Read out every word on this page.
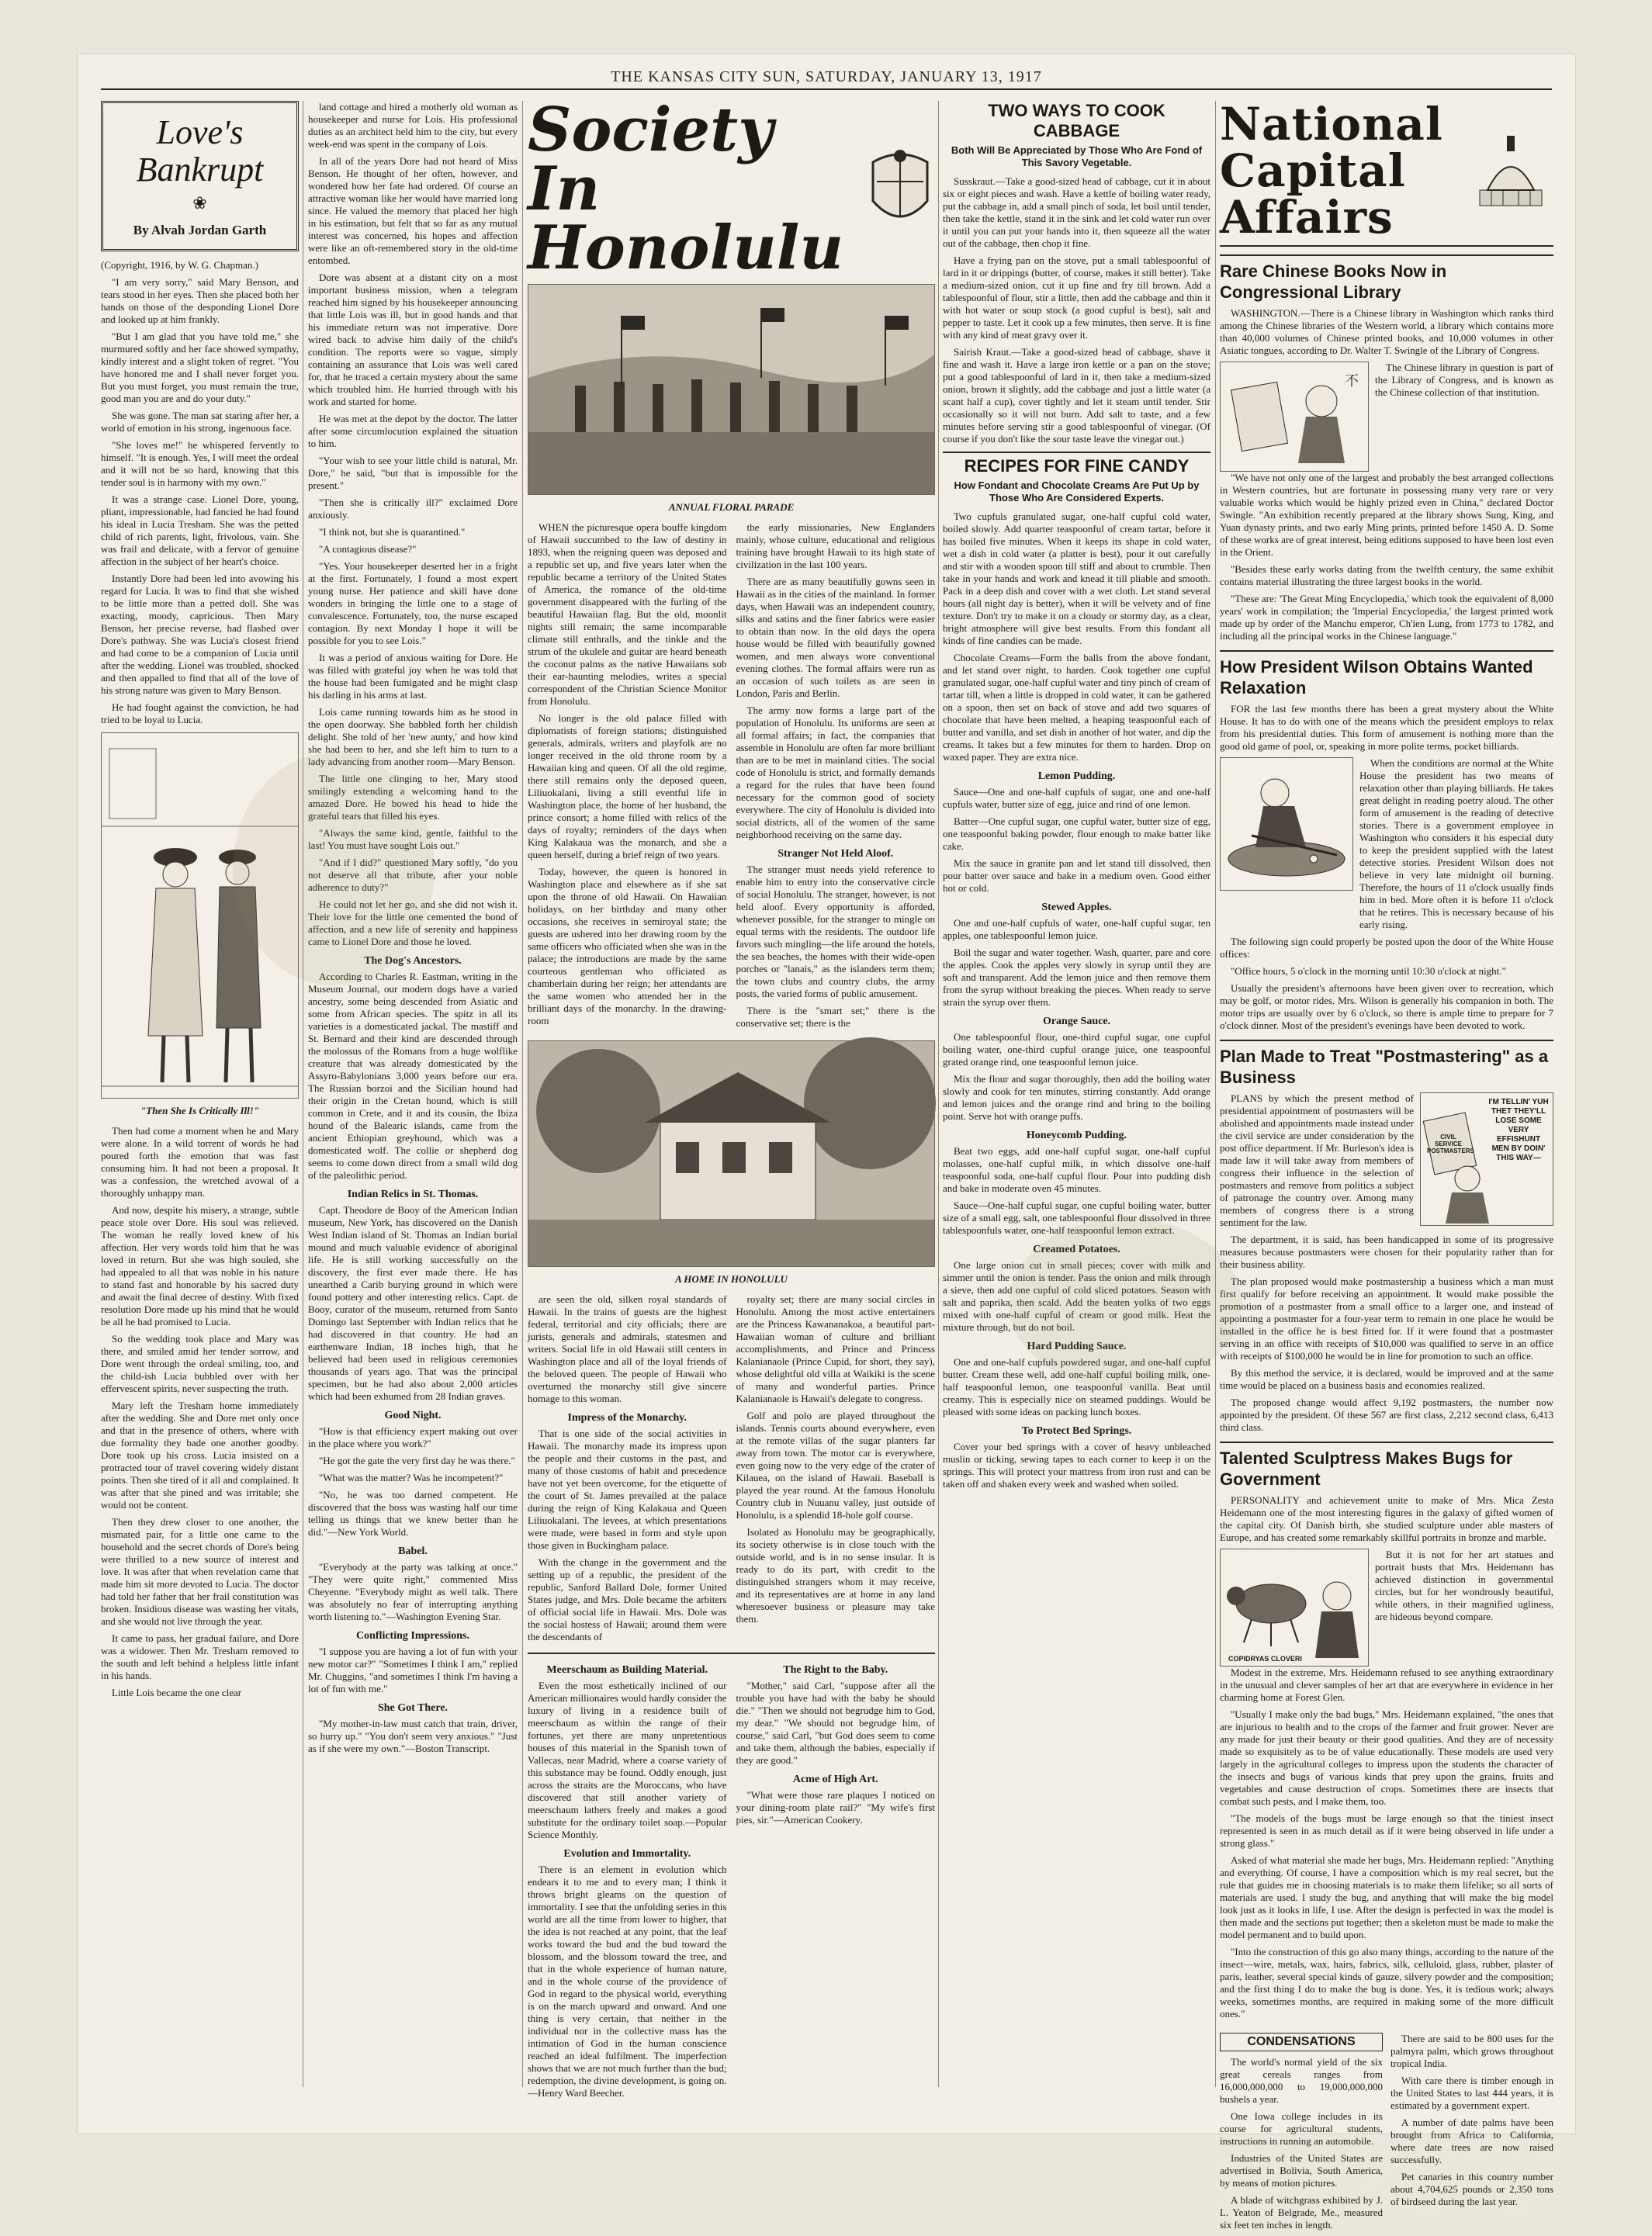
THE KANSAS CITY SUN, SATURDAY, JANUARY 13, 1917
Love's
Bankrupt
❀
By Alvah Jordan Garth

(Copyright, 1916, by W. G. Chapman.)

"I am very sorry," said Mary Benson, and tears stood in her eyes. Then she placed both her hands on those of the desponding Lionel Dore and looked up at him frankly.

"But I am glad that you have told me," she murmured softly and her face showed sympathy, kindly interest and a slight token of regret. "You have honored me and I shall never forget you. But you must forget, you must remain the true, good man you are and do your duty."

She was gone. The man sat staring after her, a world of emotion in his strong, ingenuous face.

"She loves me!" he whispered fervently to himself. "It is enough. Yes, I will meet the ordeal and it will not be so hard, knowing that this tender soul is in harmony with my own."

It was a strange case. Lionel Dore, young, pliant, impressionable, had fancied he had found his ideal in Lucia Tresham. She was the petted child of rich parents, light, frivolous, vain. She was frail and delicate, with a fervor of genuine affection in the subject of her heart's choice.

Instantly Dore had been led into avowing his regard for Lucia. It was to find that she wished to be little more than a petted doll. She was exacting, moody, capricious. Then Mary Benson, her precise reverse, had flashed over Dore's pathway. She was Lucia's closest friend and had come to be a companion of Lucia until after the wedding. Lionel was troubled, shocked and then appalled to find that all of the love of his strong nature was given to Mary Benson.

He had fought against the conviction, he had tried to be loyal to Lucia.

"Then She Is Critically Ill!"

Then had come a moment when he and Mary were alone. In a wild torrent of words he had poured forth the emotion that was fast consuming him. It had not been a proposal. It was a confession, the wretched avowal of a thoroughly unhappy man.

And now, despite his misery, a strange, subtle peace stole over Dore. His soul was relieved. The woman he really loved knew of his affection. Her very words told him that he was loved in return. But she was high souled, she had appealed to all that was noble in his nature to stand fast and honorable by his sacred duty and await the final decree of destiny. With fixed resolution Dore made up his mind that he would be all he had promised to Lucia.

So the wedding took place and Mary was there, and smiled amid her tender sorrow, and Dore went through the ordeal smiling, too, and the child-ish Lucia bubbled over with her effervescent spirits, never suspecting the truth.

Mary left the Tresham home immediately after the wedding. She and Dore met only once and that in the presence of others, where with due formality they bade one another goodby. Dore took up his cross. Lucia insisted on a protracted tour of travel covering widely distant points. Then she tired of it all and complained. It was after that she pined and was irritable; she would not be content.

Then they drew closer to one another, the mismated pair, for a little one came to the household and the secret chords of Dore's being were thrilled to a new source of interest and love. It was after that when revelation came that made him sit more devoted to Lucia. The doctor had told her father that her frail constitution was broken. Insidious disease was wasting her vitals, and she would not live through the year.

It came to pass, her gradual failure, and Dore was a widower. Then Mr. Tresham removed to the south and left behind a helpless little infant in his hands.

Little Lois became the one clear

land cottage and hired a motherly old woman as housekeeper and nurse for Lois. His professional duties as an architect held him to the city, but every week-end was spent in the company of Lois.

In all of the years Dore had not heard of Miss Benson. He thought of her often, however, and wondered how her fate had ordered. Of course an attractive woman like her would have married long since. He valued the memory that placed her high in his estimation, but felt that so far as any mutual interest was concerned, his hopes and affection were like an oft-remembered story in the old-time entombed.

Dore was absent at a distant city on a most important business mission, when a telegram reached him signed by his housekeeper announcing that little Lois was ill, but in good hands and that his immediate return was not imperative. Dore wired back to advise him daily of the child's condition. The reports were so vague, simply containing an assurance that Lois was well cared for, that he traced a certain mystery about the same which troubled him. He hurried through with his work and started for home.

He was met at the depot by the doctor. The latter after some circumlocution explained the situation to him.

"Your wish to see your little child is natural, Mr. Dore," he said, "but that is impossible for the present."

"Then she is critically ill?" exclaimed Dore anxiously.

"I think not, but she is quarantined."

"A contagious disease?"

"Yes. Your housekeeper deserted her in a fright at the first. Fortunately, I found a most expert young nurse. Her patience and skill have done wonders in bringing the little one to a stage of convalescence. Fortunately, too, the nurse escaped contagion. By next Monday I hope it will be possible for you to see Lois."

It was a period of anxious waiting for Dore. He was filled with grateful joy when he was told that the house had been fumigated and he might clasp his darling in his arms at last.

Lois came running towards him as he stood in the open doorway. She babbled forth her childish delight. She told of her 'new aunty,' and how kind she had been to her, and she left him to turn to a lady advancing from another room—Mary Benson.

The little one clinging to her, Mary stood smilingly extending a welcoming hand to the amazed Dore. He bowed his head to hide the grateful tears that filled his eyes.

"Always the same kind, gentle, faithful to the last! You must have sought Lois out."

"And if I did?" questioned Mary softly, "do you not deserve all that tribute, after your noble adherence to duty?"

He could not let her go, and she did not wish it. Their love for the little one cemented the bond of affection, and a new life of serenity and happiness came to Lionel Dore and those he loved.

The Dog's Ancestors.

According to Charles R. Eastman, writing in the Museum Journal, our modern dogs have a varied ancestry, some being descended from Asiatic and some from African species. The spitz in all its varieties is a domesticated jackal. The mastiff and St. Bernard and their kind are descended through the molossus of the Romans from a huge wolflike creature that was already domesticated by the Assyro-Babylonians 3,000 years before our era. The Russian borzoi and the Sicilian hound had their origin in the Cretan hound, which is still common in Crete, and it and its cousin, the Ibiza hound of the Balearic islands, came from the ancient Ethiopian greyhound, which was a domesticated wolf. The collie or shepherd dog seems to come down direct from a small wild dog of the paleolithic period.

Indian Relics in St. Thomas.

Capt. Theodore de Booy of the American Indian museum, New York, has discovered on the Danish West Indian island of St. Thomas an Indian burial mound and much valuable evidence of aboriginal life. He is still working successfully on the discovery, the first ever made there. He has unearthed a Carib burying ground in which were found pottery and other interesting relics. Capt. de Booy, curator of the museum, returned from Santo Domingo last September with Indian relics that he had discovered in that country. He had an earthenware Indian, 18 inches high, that he believed had been used in religious ceremonies thousands of years ago. That was the principal specimen, but he had also about 2,000 articles which had been exhumed from 28 Indian graves.

Good Night.

"How is that efficiency expert making out over in the place where you work?"

"He got the gate the very first day he was there."

"What was the matter? Was he incompetent?"

"No, he was too darned competent. He discovered that the boss was wasting half our time telling us things that we knew better than he did."—New York World.

Babel.

"Everybody at the party was talking at once." "They were quite right," commented Miss Cheyenne. "Everybody might as well talk. There was absolutely no fear of interrupting anything worth listening to."—Washington Evening Star.

Conflicting Impressions.

"I suppose you are having a lot of fun with your new motor car?" "Sometimes I think I am," replied Mr. Chuggins, "and sometimes I think I'm having a lot of fun with me."

She Got There.

"My mother-in-law must catch that train, driver, so hurry up." "You don't seem very anxious." "Just as if she were my own."—Boston Transcript.

Society In
Honolulu

ANNUAL FLORAL PARADE

WHEN the picturesque opera bouffe kingdom of Hawaii succumbed to the law of destiny in 1893, when the reigning queen was deposed and a republic set up, and five years later when the republic became a territory of the United States of America, the romance of the old-time government disappeared with the furling of the beautiful Hawaiian flag. But the old, moonlit nights still remain; the same incomparable climate still enthralls, and the tinkle and the strum of the ukulele and guitar are heard beneath the coconut palms as the native Hawaiians sob their ear-haunting melodies, writes a special correspondent of the Christian Science Monitor from Honolulu.

No longer is the old palace filled with diplomatists of foreign stations; distinguished generals, admirals, writers and playfolk are no longer received in the old throne room by a Hawaiian king and queen. Of all the old regime, there still remains only the deposed queen, Liliuokalani, living a still eventful life in Washington place, the home of her husband, the prince consort; a home filled with relics of the days of royalty; reminders of the days when King Kalakaua was the monarch, and she a queen herself, during a brief reign of two years.

Today, however, the queen is honored in Washington place and elsewhere as if she sat upon the throne of old Hawaii. On Hawaiian holidays, on her birthday and many other occasions, she receives in semiroyal state; the guests are ushered into her drawing room by the same officers who officiated when she was in the palace; the introductions are made by the same courteous gentleman who officiated as chamberlain during her reign; her attendants are the same women who attended her in the brilliant days of the monarchy. In the drawing-room

the early missionaries, New Englanders mainly, whose culture, educational and religious training have brought Hawaii to its high state of civilization in the last 100 years.

There are as many beautifully gowns seen in Hawaii as in the cities of the mainland. In former days, when Hawaii was an independent country, silks and satins and the finer fabrics were easier to obtain than now. In the old days the opera house would be filled with beautifully gowned women, and men always wore conventional evening clothes. The formal affairs were run as an occasion of such toilets as are seen in London, Paris and Berlin.

The army now forms a large part of the population of Honolulu. Its uniforms are seen at all formal affairs; in fact, the companies that assemble in Honolulu are often far more brilliant than are to be met in mainland cities. The social code of Honolulu is strict, and formally demands a regard for the rules that have been found necessary for the common good of society everywhere. The city of Honolulu is divided into social districts, all of the women of the same neighborhood receiving on the same day.

Stranger Not Held Aloof.

The stranger must needs yield reference to enable him to entry into the conservative circle of social Honolulu. The stranger, however, is not held aloof. Every opportunity is afforded, whenever possible, for the stranger to mingle on equal terms with the residents. The outdoor life favors such mingling—the life around the hotels, the sea beaches, the homes with their wide-open porches or "lanais," as the islanders term them; the town clubs and country clubs, the army posts, the varied forms of public amusement.

There is the "smart set;" there is the conservative set; there is the

A HOME IN HONOLULU

are seen the old, silken royal standards of Hawaii. In the trains of guests are the highest federal, territorial and city officials; there are jurists, generals and admirals, statesmen and writers. Social life in old Hawaii still centers in Washington place and all of the loyal friends of the beloved queen. The people of Hawaii who overturned the monarchy still give sincere homage to this woman.

Impress of the Monarchy.

That is one side of the social activities in Hawaii. The monarchy made its impress upon the people and their customs in the past, and many of those customs of habit and precedence have not yet been overcome, for the etiquette of the court of St. James prevailed at the palace during the reign of King Kalakaua and Queen Liliuokalani. The levees, at which presentations were made, were based in form and style upon those given in Buckingham palace.

With the change in the government and the setting up of a republic, the president of the republic, Sanford Ballard Dole, former United States judge, and Mrs. Dole became the arbiters of official social life in Hawaii. Mrs. Dole was the social hostess of Hawaii; around them were the descendants of

royalty set; there are many social circles in Honolulu. Among the most active entertainers are the Princess Kawananakoa, a beautiful part-Hawaiian woman of culture and brilliant accomplishments, and Prince and Princess Kalanianaole (Prince Cupid, for short, they say), whose delightful old villa at Waikiki is the scene of many and wonderful parties. Prince Kalanianaole is Hawaii's delegate to congress.

Golf and polo are played throughout the islands. Tennis courts abound everywhere, even at the remote villas of the sugar planters far away from town. The motor car is everywhere, even going now to the very edge of the crater of Kilauea, on the island of Hawaii. Baseball is played the year round. At the famous Honolulu Country club in Nuuanu valley, just outside of Honolulu, is a splendid 18-hole golf course.

Isolated as Honolulu may be geographically, its society otherwise is in close touch with the outside world, and is in no sense insular. It is ready to do its part, with credit to the distinguished strangers whom it may receive, and its representatives are at home in any land wheresoever business or pleasure may take them.

Meerschaum as Building Material.

Even the most esthetically inclined of our American millionaires would hardly consider the luxury of living in a residence built of meerschaum as within the range of their fortunes, yet there are many unpretentious houses of this material in the Spanish town of Vallecas, near Madrid, where a coarse variety of this substance may be found. Oddly enough, just across the straits are the Moroccans, who have discovered that still another variety of meerschaum lathers freely and makes a good substitute for the ordinary toilet soap.—Popular Science Monthly.

Evolution and Immortality.

There is an element in evolution which endears it to me and to every man; I think it throws bright gleams on the question of immortality. I see that the unfolding series in this world are all the time from lower to higher, that the idea is not reached at any point, that the leaf works toward the bud and the bud toward the blossom, and the blossom toward the tree, and that in the whole experience of human nature, and in the whole course of the providence of God in regard to the physical world, everything is on the march upward and onward. And one thing is very certain, that neither in the individual nor in the collective mass has the intimation of God in the human conscience reached an ideal fulfilment. The imperfection shows that we are not much further than the bud; redemption, the divine development, is going on.—Henry Ward Beecher.

The Right to the Baby.

"Mother," said Carl, "suppose after all the trouble you have had with the baby he should die." "Then we should not begrudge him to God, my dear." "We should not begrudge him, of course," said Carl, "but God does seem to come and take them, although the babies, especially if they are good."

Acme of High Art.

"What were those rare plaques I noticed on your dining-room plate rail?" "My wife's first pies, sir."—American Cookery.

TWO WAYS TO COOK CABBAGE
Both Will Be Appreciated by Those Who Are Fond of This Savory Vegetable.

Susskraut.—Take a good-sized head of cabbage, cut it in about six or eight pieces and wash. Have a kettle of boiling water ready, put the cabbage in, add a small pinch of soda, let boil until tender, then take the kettle, stand it in the sink and let cold water run over it until you can put your hands into it, then squeeze all the water out of the cabbage, then chop it fine.

Have a frying pan on the stove, put a small tablespoonful of lard in it or drippings (butter, of course, makes it still better). Take a medium-sized onion, cut it up fine and fry till brown. Add a tablespoonful of flour, stir a little, then add the cabbage and thin it with hot water or soup stock (a good cupful is best), salt and pepper to taste. Let it cook up a few minutes, then serve. It is fine with any kind of meat gravy over it.

Sairish Kraut.—Take a good-sized head of cabbage, shave it fine and wash it. Have a large iron kettle or a pan on the stove; put a good tablespoonful of lard in it, then take a medium-sized onion, brown it slightly, add the cabbage and just a little water (a scant half a cup), cover tightly and let it steam until tender. Stir occasionally so it will not burn. Add salt to taste, and a few minutes before serving stir a good tablespoonful of vinegar. (Of course if you don't like the sour taste leave the vinegar out.)

RECIPES FOR FINE CANDY
How Fondant and Chocolate Creams Are Put Up by Those Who Are Considered Experts.

Two cupfuls granulated sugar, one-half cupful cold water, boiled slowly. Add quarter teaspoonful of cream tartar, before it has boiled five minutes. When it keeps its shape in cold water, wet a dish in cold water (a platter is best), pour it out carefully and stir with a wooden spoon till stiff and about to crumble. Then take in your hands and work and knead it till pliable and smooth. Pack in a deep dish and cover with a wet cloth. Let stand several hours (all night day is better), when it will be velvety and of fine texture. Don't try to make it on a cloudy or stormy day, as a clear, bright atmosphere will give best results. From this fondant all kinds of fine candies can be made.

Chocolate Creams—Form the balls from the above fondant, and let stand over night, to harden. Cook together one cupful granulated sugar, one-half cupful water and tiny pinch of cream of tartar till, when a little is dropped in cold water, it can be gathered on a spoon, then set on back of stove and add two squares of chocolate that have been melted, a heaping teaspoonful each of butter and vanilla, and set dish in another of hot water, and dip the creams. It takes but a few minutes for them to harden. Drop on waxed paper. They are extra nice.

Lemon Pudding.

Sauce—One and one-half cupfuls of sugar, one and one-half cupfuls water, butter size of egg, juice and rind of one lemon.

Batter—One cupful sugar, one cupful water, butter size of egg, one teaspoonful baking powder, flour enough to make batter like cake.

Mix the sauce in granite pan and let stand till dissolved, then pour batter over sauce and bake in a medium oven. Good either hot or cold.

Stewed Apples.

One and one-half cupfuls of water, one-half cupful sugar, ten apples, one tablespoonful lemon juice.

Boil the sugar and water together. Wash, quarter, pare and core the apples. Cook the apples very slowly in syrup until they are soft and transparent. Add the lemon juice and then remove them from the syrup without breaking the pieces. When ready to serve strain the syrup over them.

Orange Sauce.

One tablespoonful flour, one-third cupful sugar, one cupful boiling water, one-third cupful orange juice, one teaspoonful grated orange rind, one teaspoonful lemon juice.

Mix the flour and sugar thoroughly, then add the boiling water slowly and cook for ten minutes, stirring constantly. Add orange and lemon juices and the orange rind and bring to the boiling point. Serve hot with orange puffs.

Honeycomb Pudding.

Beat two eggs, add one-half cupful sugar, one-half cupful molasses, one-half cupful milk, in which dissolve one-half teaspoonful soda, one-half cupful flour. Pour into pudding dish and bake in moderate oven 45 minutes.

Sauce—One-half cupful sugar, one cupful boiling water, butter size of a small egg, salt, one tablespoonful flour dissolved in three tablespoonfuls water, one-half teaspoonful lemon extract.

Creamed Potatoes.

One large onion cut in small pieces; cover with milk and simmer until the onion is tender. Pass the onion and milk through a sieve, then add one cupful of cold sliced potatoes. Season with salt and paprika, then scald. Add the beaten yolks of two eggs mixed with one-half cupful of cream or good milk. Heat the mixture through, but do not boil.

Hard Pudding Sauce.

One and one-half cupfuls powdered sugar, and one-half cupful butter. Cream these well, add one-half cupful boiling milk, one-half teaspoonful lemon, one teaspoonful vanilla. Beat until creamy. This is especially nice on steamed puddings. Would be pleased with some ideas on packing lunch boxes.

To Protect Bed Springs.

Cover your bed springs with a cover of heavy unbleached muslin or ticking, sewing tapes to each corner to keep it on the springs. This will protect your mattress from iron rust and can be taken off and shaken every week and washed when soiled.

National Capital
Affairs
Rare Chinese Books Now in Congressional Library

WASHINGTON.—There is a Chinese library in Washington which ranks third among the Chinese libraries of the Western world, a library which contains more than 40,000 volumes of Chinese printed books, and 10,000 volumes in other Asiatic tongues, according to Dr. Walter T. Swingle of the Library of Congress.

不

The Chinese library in question is part of the Library of Congress, and is known as the Chinese collection of that institution.

"We have not only one of the largest and probably the best arranged collections in Western countries, but are fortunate in possessing many very rare or very valuable works which would be highly prized even in China," declared Doctor Swingle. "An exhibition recently prepared at the library shows Sung, King, and Yuan dynasty prints, and two early Ming prints, printed before 1450 A. D. Some of these works are of great interest, being editions supposed to have been lost even in the Orient.

"Besides these early works dating from the twelfth century, the same exhibit contains material illustrating the three largest books in the world.

"These are: 'The Great Ming Encyclopedia,' which took the equivalent of 8,000 years' work in compilation; the 'Imperial Encyclopedia,' the largest printed work made up by order of the Manchu emperor, Ch'ien Lung, from 1773 to 1782, and including all the principal works in the Chinese language."

How President Wilson Obtains Wanted Relaxation

FOR the last few months there has been a great mystery about the White House. It has to do with one of the means which the president employs to relax from his presidential duties. This form of amusement is nothing more than the good old game of pool, or, speaking in more polite terms, pocket billiards.

When the conditions are normal at the White House the president has two means of relaxation other than playing billiards. He takes great delight in reading poetry aloud. The other form of amusement is the reading of detective stories. There is a government employee in Washington who considers it his especial duty to keep the president supplied with the latest detective stories. President Wilson does not believe in very late midnight oil burning. Therefore, the hours of 11 o'clock usually finds him in bed. More often it is before 11 o'clock that he retires. This is necessary because of his early rising.

The following sign could properly be posted upon the door of the White House offices:

"Office hours, 5 o'clock in the morning until 10:30 o'clock at night."

Usually the president's afternoons have been given over to recreation, which may be golf, or motor rides. Mrs. Wilson is generally his companion in both. The motor trips are usually over by 6 o'clock, so there is ample time to prepare for 7 o'clock dinner. Most of the president's evenings have been devoted to work.

Plan Made to Treat "Postmastering" as a Business

PLANS by which the present method of presidential appointment of postmasters will be abolished and appointments made instead under the civil service are under consideration by the post office department. If Mr. Burleson's idea is made law it will take away from members of congress their influence in the selection of postmasters and remove from politics a subject of patronage the country over. Among many members of congress there is a strong sentiment for the law.

I'M TELLIN' YUH THET THEY'LL LOSE SOME VERY EFFISHUNT MEN BY DOIN' THIS WAY—
CIVIL SERVICE POSTMASTERS

The department, it is said, has been handicapped in some of its progressive measures because postmasters were chosen for their popularity rather than for their business ability.

The plan proposed would make postmastership a business which a man must first qualify for before receiving an appointment. It would make possible the promotion of a postmaster from a small office to a larger one, and instead of appointing a postmaster for a four-year term to remain in one place he would be installed in the office he is best fitted for. If it were found that a postmaster serving in an office with receipts of $10,000 was qualified to serve in an office with receipts of $100,000 he would be in line for promotion to such an office.

By this method the service, it is declared, would be improved and at the same time would be placed on a business basis and economies realized.

The proposed change would affect 9,192 postmasters, the number now appointed by the president. Of these 567 are first class, 2,212 second class, 6,413 third class.

Talented Sculptress Makes Bugs for Government

PERSONALITY and achievement unite to make of Mrs. Mica Zesta Heidemann one of the most interesting figures in the galaxy of gifted women of the capital city. Of Danish birth, she studied sculpture under able masters of Europe, and has created some remarkably skillful portraits in bronze and marble.

COPIDRYAS CLOVERI

But it is not for her art statues and portrait busts that Mrs. Heidemann has achieved distinction in governmental circles, but for her wondrously beautiful, while others, in their magnified ugliness, are hideous beyond compare.

Modest in the extreme, Mrs. Heidemann refused to see anything extraordinary in the unusual and clever samples of her art that are everywhere in evidence in her charming home at Forest Glen.

"Usually I make only the bad bugs," Mrs. Heidemann explained, "the ones that are injurious to health and to the crops of the farmer and fruit grower. Never are any made for just their beauty or their good qualities. And they are of necessity made so exquisitely as to be of value educationally. These models are used very largely in the agricultural colleges to impress upon the students the character of the insects and bugs of various kinds that prey upon the grains, fruits and vegetables and cause destruction of crops. Sometimes there are insects that combat such pests, and I make them, too.

"The models of the bugs must be large enough so that the tiniest insect represented is seen in as much detail as if it were being observed in life under a strong glass."

Asked of what material she made her bugs, Mrs. Heidemann replied: "Anything and everything. Of course, I have a composition which is my real secret, but the rule that guides me in choosing materials is to make them lifelike; so all sorts of materials are used. I study the bug, and anything that will make the big model look just as it looks in life, I use. After the design is perfected in wax the model is then made and the sections put together; then a skeleton must be made to make the model permanent and to build upon.

"Into the construction of this go also many things, according to the nature of the insect—wire, metals, wax, hairs, fabrics, silk, celluloid, glass, rubber, plaster of paris, leather, several special kinds of gauze, silvery powder and the composition; and the first thing I do to make the bug is done. Yes, it is tedious work; always weeks, sometimes months, are required in making some of the more difficult ones."

CONDENSATIONS

The world's normal yield of the six great cereals ranges from 16,000,000,000 to 19,000,000,000 bushels a year.

One Iowa college includes in its course for agricultural students, instructions in running an automobile.

Industries of the United States are advertised in Bolivia, South America, by means of motion pictures.

A blade of witchgrass exhibited by J. L. Yeaton of Belgrade, Me., measured six feet ten inches in length.

There are said to be 800 uses for the palmyra palm, which grows throughout tropical India.

With care there is timber enough in the United States to last 444 years, it is estimated by a government expert.

A number of date palms have been brought from Africa to California, where date trees are now raised successfully.

Pet canaries in this country number about 4,704,625 pounds or 2,350 tons of birdseed during the last year.
